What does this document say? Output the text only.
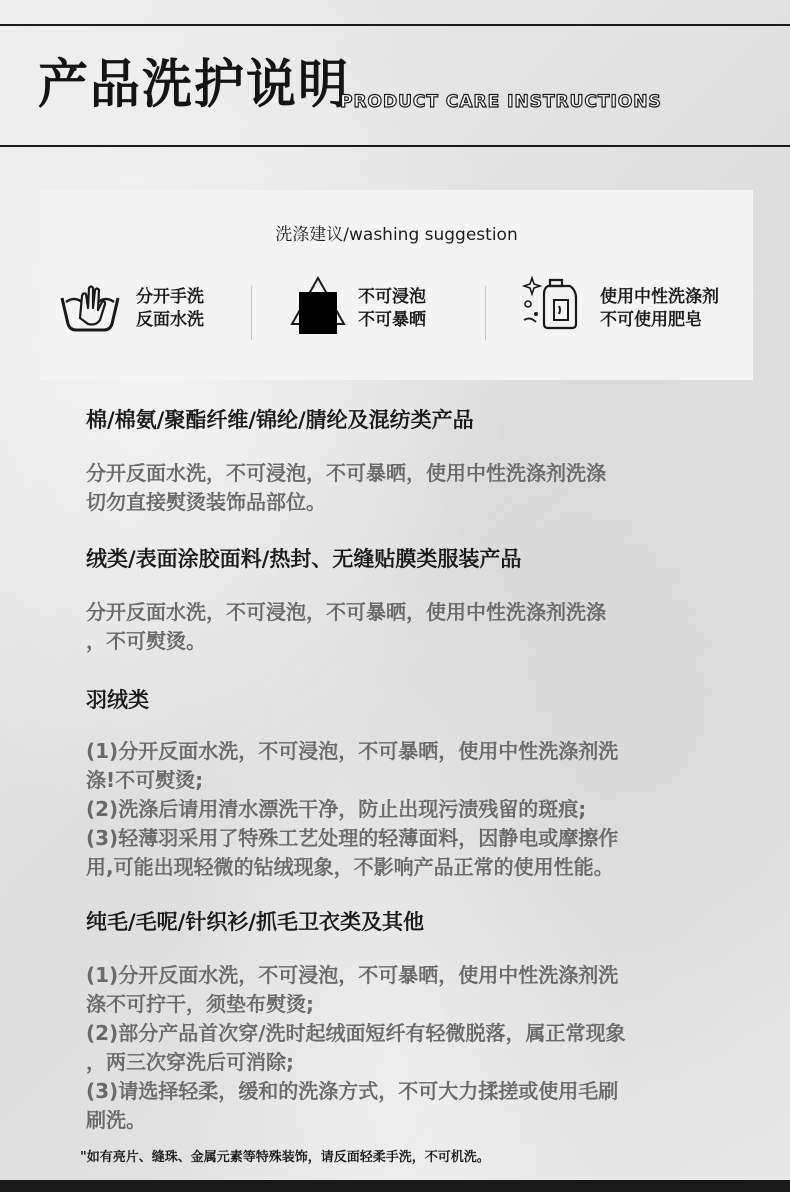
产品洗护说明
PRODUCT CARE INSTRUCTIONS
洗涤建议/washing suggestion
分开手洗
反面水洗
不可浸泡
不可暴晒
使用中性洗涤剂
不可使用肥皂
棉/棉氨/聚酯纤维/锦纶/腈纶及混纺类产品
分开反面水洗，不可浸泡，不可暴晒，使用中性洗涤剂洗涤
切勿直接熨烫装饰品部位。
绒类/表面涂胶面料/热封、无缝贴膜类服装产品
分开反面水洗，不可浸泡，不可暴晒，使用中性洗涤剂洗涤
，不可熨烫。
羽绒类
(1)分开反面水洗，不可浸泡，不可暴晒，使用中性洗涤剂洗
涤!不可熨烫;
(2)洗涤后请用清水漂洗干净，防止出现污渍残留的斑痕;
(3)轻薄羽采用了特殊工艺处理的轻薄面料，因静电或摩擦作
用,可能出现轻微的钻绒现象，不影响产品正常的使用性能。
纯毛/毛呢/针织衫/抓毛卫衣类及其他
(1)分开反面水洗，不可浸泡，不可暴晒，使用中性洗涤剂洗
涤不可拧干，须垫布熨烫;
(2)部分产品首次穿/洗时起绒面短纤有轻微脱落，属正常现象
，两三次穿洗后可消除;
(3)请选择轻柔，缓和的洗涤方式，不可大力揉搓或使用毛刷
刷洗。
"如有亮片、缝珠、金属元素等特殊装饰，请反面轻柔手洗，不可机洗。
